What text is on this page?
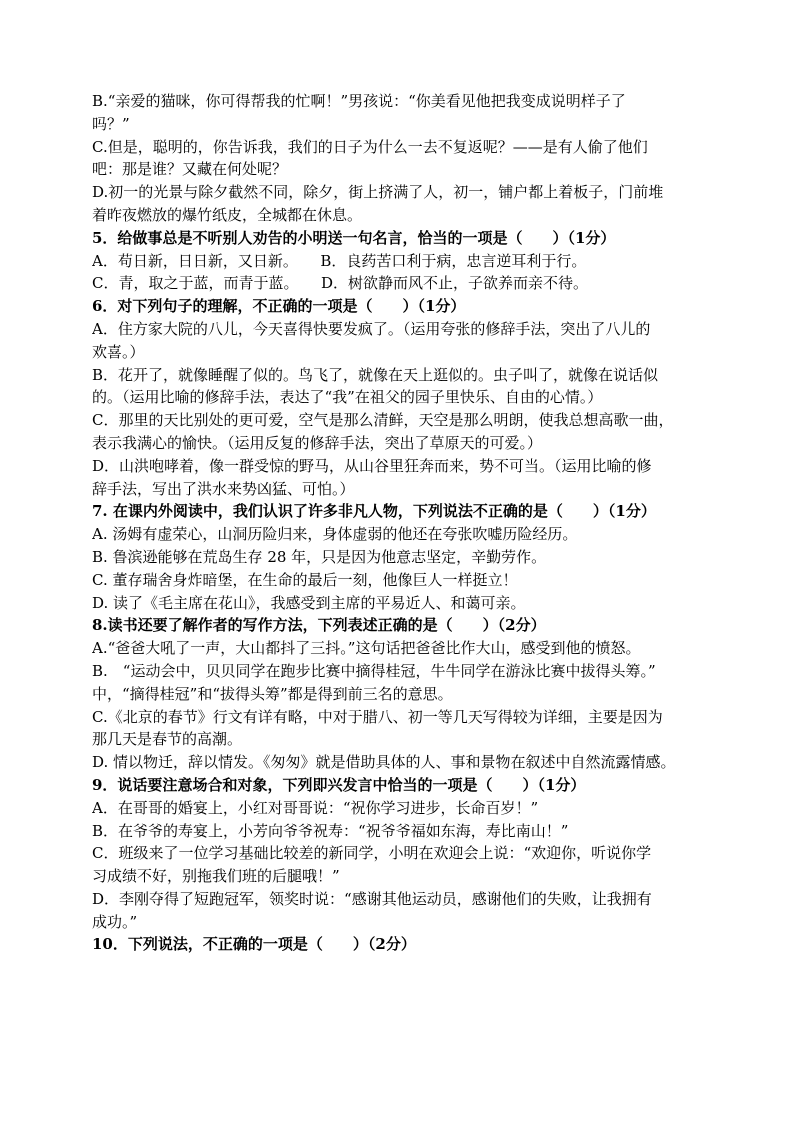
B.“亲爱的猫咪，你可得帮我的忙啊！”男孩说：“你美看见他把我变成说明样子了
吗？”
C.但是，聪明的，你告诉我，我们的日子为什么一去不复返呢？——是有人偷了他们
吧：那是谁？又藏在何处呢？
D.初一的光景与除夕截然不同，除夕，街上挤满了人，初一，铺户都上着板子，门前堆
着昨夜燃放的爆竹纸皮，全城都在休息。
5．给做事总是不听别人劝告的小明送一句名言，恰当的一项是（　　）（1分）
A．苟日新，日日新，又日新。　　B．良药苦口利于病，忠言逆耳利于行。
C．青，取之于蓝，而青于蓝。　　D．树欲静而风不止，子欲养而亲不待。
6．对下列句子的理解，不正确的一项是（　　）（1分）
A．住方家大院的八儿，今天喜得快要发疯了。（运用夸张的修辞手法，突出了八儿的
欢喜。）
B．花开了，就像睡醒了似的。鸟飞了，就像在天上逛似的。虫子叫了，就像在说话似
的。（运用比喻的修辞手法，表达了“我”在祖父的园子里快乐、自由的心情。）
C．那里的天比别处的更可爱，空气是那么清鲜，天空是那么明朗，使我总想高歌一曲，
表示我满心的愉快。（运用反复的修辞手法，突出了草原天的可爱。）
D．山洪咆哮着，像一群受惊的野马，从山谷里狂奔而来，势不可当。（运用比喻的修
辞手法，写出了洪水来势凶猛、可怕。）
7. 在课内外阅读中，我们认识了许多非凡人物，下列说法不正确的是（　　）（1分）
A. 汤姆有虚荣心，山洞历险归来，身体虚弱的他还在夸张吹嘘历险经历。
B. 鲁滨逊能够在荒岛生存 28 年，只是因为他意志坚定，辛勤劳作。
C. 董存瑞舍身炸暗堡，在生命的最后一刻，他像巨人一样挺立！
D. 读了《毛主席在花山》，我感受到主席的平易近人、和蔼可亲。
8.读书还要了解作者的写作方法，下列表述正确的是（　　）（2分）
A.“爸爸大吼了一声，大山都抖了三抖。”这句话把爸爸比作大山，感受到他的愤怒。
B.　“运动会中，贝贝同学在跑步比赛中摘得桂冠，牛牛同学在游泳比赛中拔得头筹。”
中，“摘得桂冠”和“拔得头筹”都是得到前三名的意思。
C.《北京的春节》行文有详有略，中对于腊八、初一等几天写得较为详细，主要是因为
那几天是春节的高潮。
D. 情以物迁，辞以情发。《匆匆》就是借助具体的人、事和景物在叙述中自然流露情感。
9．说话要注意场合和对象，下列即兴发言中恰当的一项是（　　）（1分）
A．在哥哥的婚宴上，小红对哥哥说：“祝你学习进步，长命百岁！”
B．在爷爷的寿宴上，小芳向爷爷祝寿：“祝爷爷福如东海，寿比南山！”
C．班级来了一位学习基础比较差的新同学，小明在欢迎会上说：“欢迎你，听说你学
习成绩不好，别拖我们班的后腿哦！”
D．李刚夺得了短跑冠军，领奖时说：“感谢其他运动员，感谢他们的失败，让我拥有
成功。”
10．下列说法，不正确的一项是（　　）（2分）
